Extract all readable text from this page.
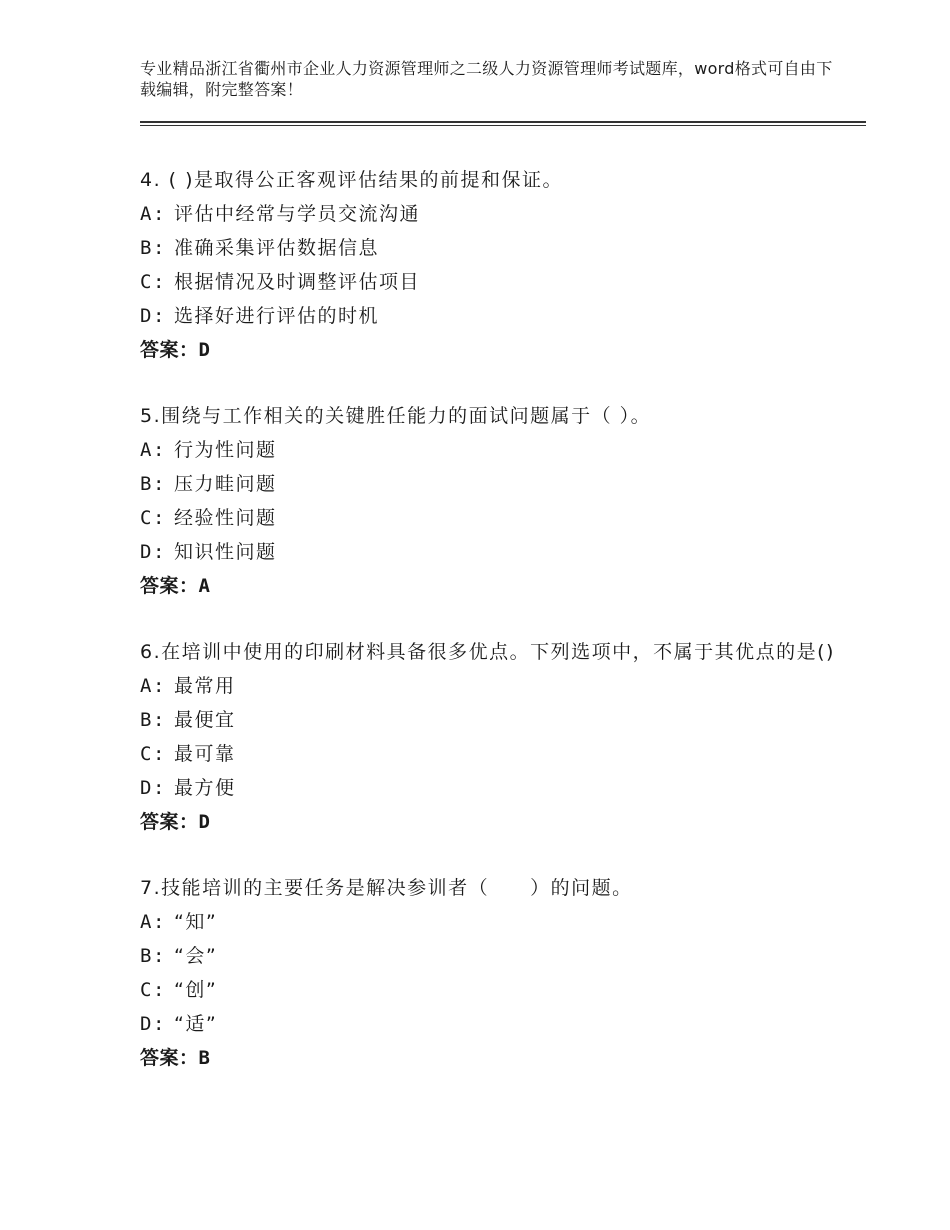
专业精品浙江省衢州市企业人力资源管理师之二级人力资源管理师考试题库，word格式可自由下载编辑，附完整答案！
4. ( )是取得公正客观评估结果的前提和保证。
A: 评估中经常与学员交流沟通
B: 准确采集评估数据信息
C: 根据情况及时调整评估项目
D: 选择好进行评估的时机
答案：D
5.围绕与工作相关的关键胜任能力的面试问题属于（ ）。
A: 行为性问题
B: 压力畦问题
C: 经验性问题
D: 知识性问题
答案：A
6.在培训中使用的印刷材料具备很多优点。下列选项中，不属于其优点的是()
A: 最常用
B: 最便宜
C: 最可靠
D: 最方便
答案：D
7.技能培训的主要任务是解决参训者（　　）的问题。
A: “知”
B: “会”
C: “创”
D: “适”
答案：B
